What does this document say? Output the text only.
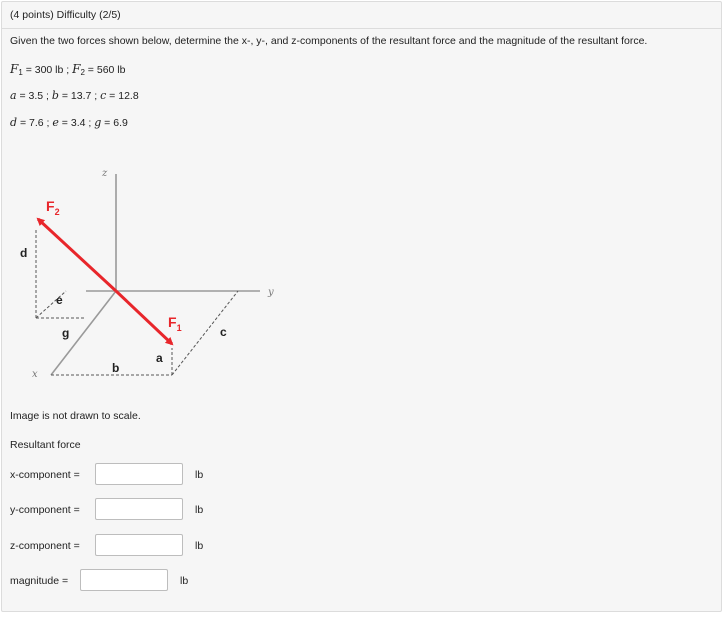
(4 points) Difficulty (2/5)
Given the two forces shown below, determine the x-, y-, and z-components of the resultant force and the magnitude of the resultant force.
$F_1 = 300$ lb ; $F_2 = 560$ lb
a = 3.5 ; b = 13.7 ; c = 12.8
d = 7.6 ; e = 3.4 ; g = 6.9
z
y
x
$F_2$
$F_1$
d
e
g
b
a
c
Image is not drawn to scale.
Resultant force
x-component =	lb
y-component =	lb
z-component =	lb
magnitude =	lb
